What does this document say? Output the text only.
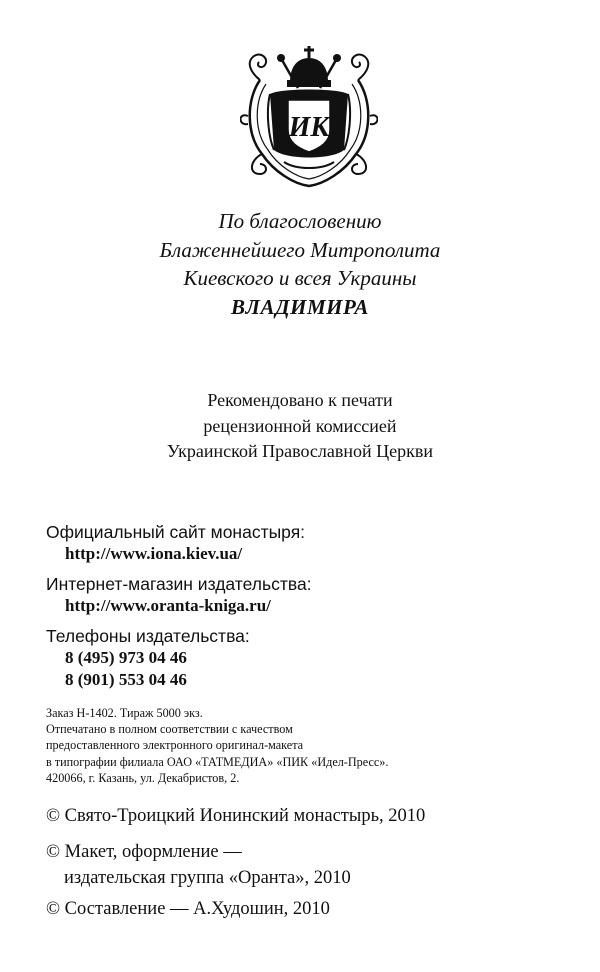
ИК
По благословению
Блаженнейшего Митрополита
Киевского и всея Украины
ВЛАДИМИРА
Рекомендовано к печати
рецензионной комиссией
Украинской Православной Церкви
Официальный сайт монастыря:
http://www.iona.kiev.ua/
Интернет-магазин издательства:
http://www.oranta-kniga.ru/
Телефоны издательства:
8 (495) 973 04 46
8 (901) 553 04 46
Заказ Н-1402. Тираж 5000 экз.
Отпечатано в полном соответствии с качеством
предоставленного электронного оригинал-макета
в типографии филиала ОАО «ТАТМЕДИА» «ПИК «Идел-Пресс».
420066, г. Казань, ул. Декабристов, 2.
© Свято-Троицкий Ионинский монастырь, 2010
© Макет, оформление —
издательская группа «Оранта», 2010
© Составление — А.Худошин, 2010
